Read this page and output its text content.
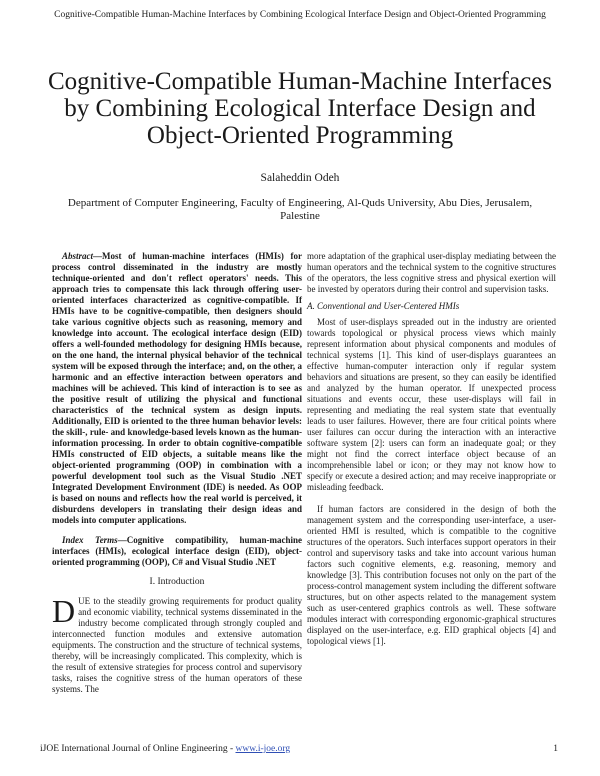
Cognitive-Compatible Human-Machine Interfaces by Combining Ecological Interface Design and Object-Oriented Programming
Cognitive-Compatible Human-Machine Interfaces by Combining Ecological Interface Design and Object-Oriented Programming
Salaheddin Odeh
Department of Computer Engineering, Faculty of Engineering, Al-Quds University, Abu Dies, Jerusalem, Palestine

Abstract—Most of human-machine interfaces (HMIs) for process control disseminated in the industry are mostly technique-oriented and don't reflect operators' needs. This approach tries to compensate this lack through offering user-oriented interfaces characterized as cognitive-compatible. If HMIs have to be cognitive-compatible, then designers should take various cognitive objects such as reasoning, memory and knowledge into account. The ecological interface design (EID) offers a well-founded methodology for designing HMIs because, on the one hand, the internal physical behavior of the technical system will be exposed through the interface; and, on the other, a harmonic and an effective interaction between operators and machines will be achieved. This kind of interaction is to see as the positive result of utilizing the physical and functional characteristics of the technical system as design inputs. Additionally, EID is oriented to the three human behavior levels: the skill-, rule- and knowledge-based levels known as the human-information processing. In order to obtain cognitive-compatible HMIs constructed of EID objects, a suitable means like the object-oriented programming (OOP) in combination with a powerful development tool such as the Visual Studio .NET Integrated Development Environment (IDE) is needed. As OOP is based on nouns and reflects how the real world is perceived, it disburdens developers in translating their design ideas and models into computer applications.

Index Terms—Cognitive compatibility, human-machine interfaces (HMIs), ecological interface design (EID), object-oriented programming (OOP), C# and Visual Studio .NET

I. Introduction

DUE to the steadily growing requirements for product quality and economic viability, technical systems disseminated in the industry become complicated through strongly coupled and interconnected function modules and extensive automation equipments. The construction and the structure of technical systems, thereby, will be increasingly complicated. This complexity, which is the result of extensive strategies for process control and supervisory tasks, raises the cognitive stress of the human operators of these systems. The

more adaptation of the graphical user-display mediating between the human operators and the technical system to the cognitive structures of the operators, the less cognitive stress and physical exertion will be invested by operators during their control and supervision tasks.

A. Conventional and User-Centered HMIs

Most of user-displays spreaded out in the industry are oriented towards topological or physical process views which mainly represent information about physical components and modules of technical systems [1]. This kind of user-displays guarantees an effective human-computer interaction only if regular system behaviors and situations are present, so they can easily be identified and analyzed by the human operator. If unexpected process situations and events occur, these user-displays will fail in representing and mediating the real system state that eventually leads to user failures. However, there are four critical points where user failures can occur during the interaction with an interactive software system [2]: users can form an inadequate goal; or they might not find the correct interface object because of an incomprehensible label or icon; or they may not know how to specify or execute a desired action; and may receive inappropriate or misleading feedback.

If human factors are considered in the design of both the management system and the corresponding user-interface, a user-oriented HMI is resulted, which is compatible to the cognitive structures of the operators. Such interfaces support operators in their control and supervisory tasks and take into account various human factors such cognitive elements, e.g. reasoning, memory and knowledge [3]. This contribution focuses not only on the part of the process-control management system including the different software structures, but on other aspects related to the management system such as user-centered graphics controls as well. These software modules interact with corresponding ergonomic-graphical structures displayed on the user-interface, e.g. EID graphical objects [4] and topological views [1].

iJOE International Journal of Online Engineering - www.i-joe.org	1
